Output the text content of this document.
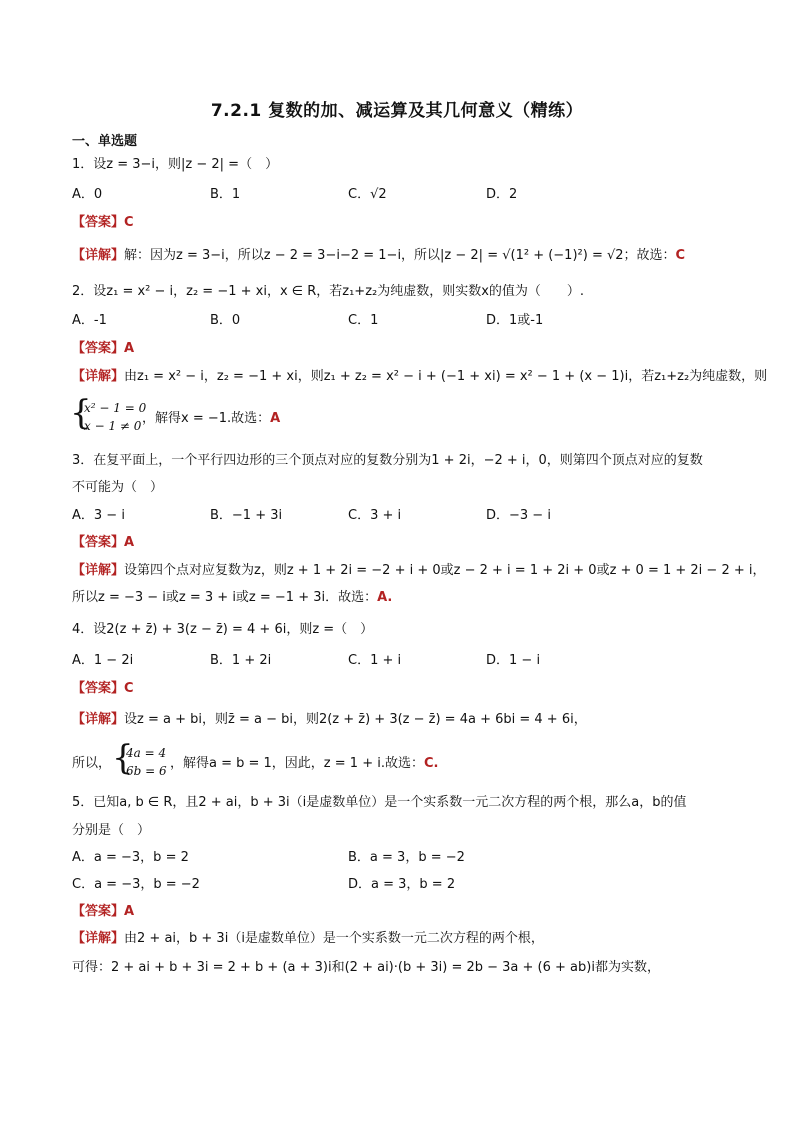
7.2.1 复数的加、减运算及其几何意义（精练）
一、单选题
1．设z = 3−i，则|z − 2| =（　）
A．0	B．1	C．√2	D．2
【答案】C
【详解】解：因为z = 3−i，所以z − 2 = 3−i−2 = 1−i，所以|z − 2| = √(1² + (−1)²) = √2；故选：C
2．设z₁ = x² − i，z₂ = −1 + xi，x ∈ R，若z₁+z₂为纯虚数，则实数x的值为（　　）.
A．-1	B．0	C．1	D．1或-1
【答案】A
【详解】由z₁ = x² − i，z₂ = −1 + xi，则z₁ + z₂ = x² − i + (−1 + xi) = x² − 1 + (x − 1)i，若z₁+z₂为纯虚数，则
{
x² − 1 = 0
x − 1 ≠ 0 ，解得x = −1.故选：A
3．在复平面上，一个平行四边形的三个顶点对应的复数分别为1 + 2i，−2 + i，0，则第四个顶点对应的复数
不可能为（　）
A．3 − i	B．−1 + 3i	C．3 + i	D．−3 − i
【答案】A
【详解】设第四个点对应复数为z，则z + 1 + 2i = −2 + i + 0或z − 2 + i = 1 + 2i + 0或z + 0 = 1 + 2i − 2 + i，
所以z = −3 − i或z = 3 + i或z = −1 + 3i．故选：A.
4．设2(z + z̄) + 3(z − z̄) = 4 + 6i，则z =（　）
A．1 − 2i	B．1 + 2i	C．1 + i	D．1 − i
【答案】C
【详解】设z = a + bi，则z̄ = a − bi，则2(z + z̄) + 3(z − z̄) = 4a + 6bi = 4 + 6i，
所以， {
4a = 4
6b = 6 ，解得a = b = 1，因此，z = 1 + i.故选：C.
5．已知a, b ∈ R，且2 + ai，b + 3i（i是虚数单位）是一个实系数一元二次方程的两个根，那么a，b的值
分别是（　）
A．a = −3，b = 2	B．a = 3，b = −2
C．a = −3，b = −2	D．a = 3，b = 2
【答案】A
【详解】由2 + ai，b + 3i（i是虚数单位）是一个实系数一元二次方程的两个根，
可得：2 + ai + b + 3i = 2 + b + (a + 3)i和(2 + ai)·(b + 3i) = 2b − 3a + (6 + ab)i都为实数，
